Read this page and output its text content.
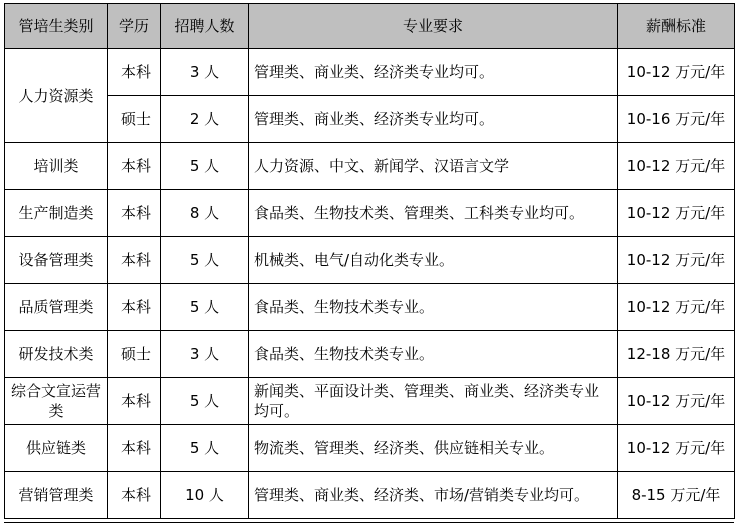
管培生类别	学历	招聘人数	专业要求	薪酬标准
人力资源类	本科	3 人	管理类、商业类、经济类专业均可。	10-12 万元/年
	硕士	2 人	管理类、商业类、经济类专业均可。	10-16 万元/年
培训类	本科	5 人	人力资源、中文、新闻学、汉语言文学	10-12 万元/年
生产制造类	本科	8 人	食品类、生物技术类、管理类、工科类专业均可。	10-12 万元/年
设备管理类	本科	5 人	机械类、电气/自动化类专业。	10-12 万元/年
品质管理类	本科	5 人	食品类、生物技术类专业。	10-12 万元/年
研发技术类	硕士	3 人	食品类、生物技术类专业。	12-18 万元/年
综合文宣运营类	本科	5 人	新闻类、平面设计类、管理类、商业类、经济类专业均可。	10-12 万元/年
供应链类	本科	5 人	物流类、管理类、经济类、供应链相关专业。	10-12 万元/年
营销管理类	本科	10 人	管理类、商业类、经济类、市场/营销类专业均可。	8-15 万元/年
